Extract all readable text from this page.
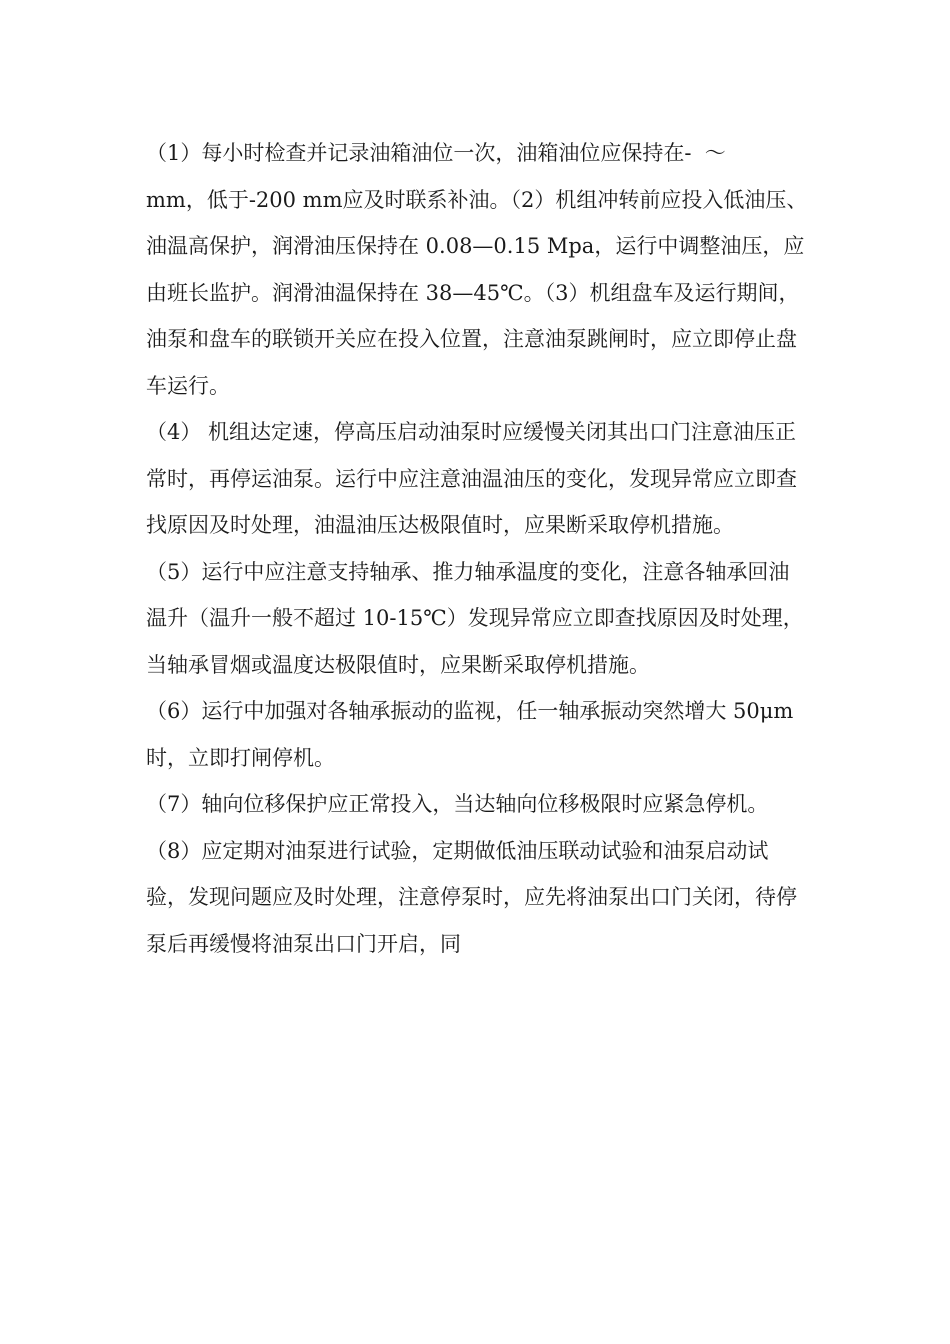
（1）每小时检查并记录油箱油位一次，油箱油位应保持在-  ～

mm，低于-200 mm应及时联系补油。（2）机组冲转前应投入低油压、油温高保护，润滑油压保持在 0.08—0.15 Mpa，运行中调整油压，应由班长监护。润滑油温保持在 38—45℃。（3）机组盘车及运行期间，油泵和盘车的联锁开关应在投入位置，注意油泵跳闸时，应立即停止盘车运行。

（4） 机组达定速，停高压启动油泵时应缓慢关闭其出口门注意油压正常时，再停运油泵。运行中应注意油温油压的变化，发现异常应立即查找原因及时处理，油温油压达极限值时，应果断采取停机措施。

（5）运行中应注意支持轴承、推力轴承温度的变化，注意各轴承回油温升（温升一般不超过 10-15℃）发现异常应立即查找原因及时处理，当轴承冒烟或温度达极限值时，应果断采取停机措施。

（6）运行中加强对各轴承振动的监视，任一轴承振动突然增大 50μm时，立即打闸停机。

（7）轴向位移保护应正常投入，当达轴向位移极限时应紧急停机。

（8）应定期对油泵进行试验，定期做低油压联动试验和油泵启动试验，发现问题应及时处理，注意停泵时，应先将油泵出口门关闭，待停泵后再缓慢将油泵出口门开启，同
